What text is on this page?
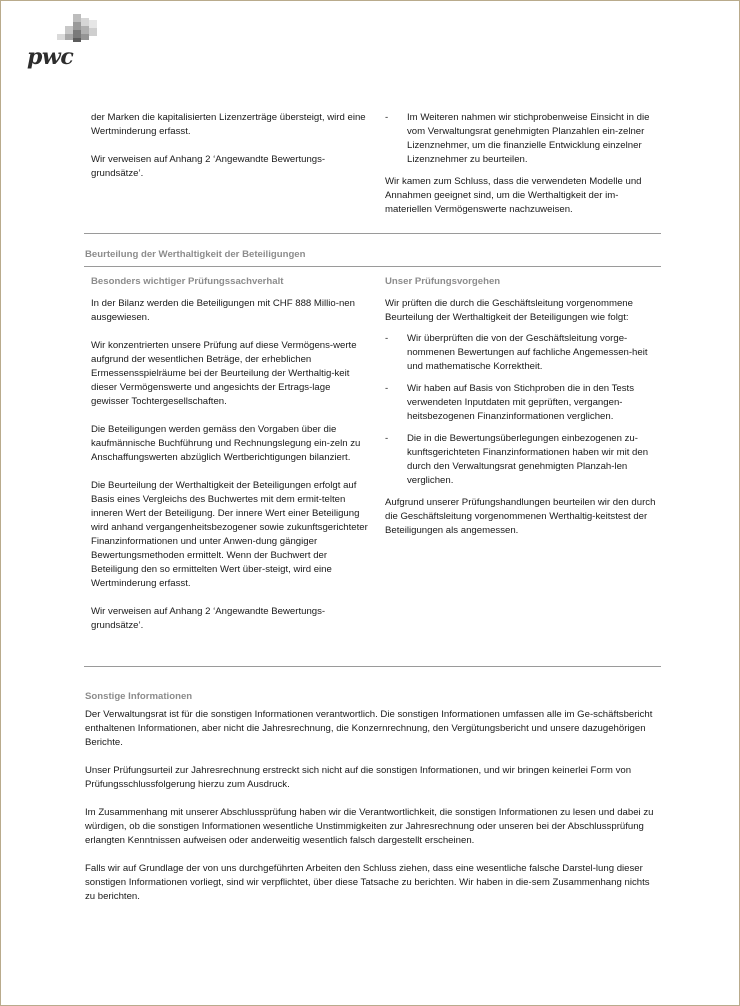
pwc

der Marken die kapitalisierten Lizenzerträge übersteigt, wird eine Wertminderung erfasst.

Wir verweisen auf Anhang 2 ‘Angewandte Bewertungs-grundsätze’.

- Im Weiteren nahmen wir stichprobenweise Einsicht in die vom Verwaltungsrat genehmigten Planzahlen ein-zelner Lizenznehmer, um die finanzielle Entwicklung einzelner Lizenznehmer zu beurteilen.

Wir kamen zum Schluss, dass die verwendeten Modelle und Annahmen geeignet sind, um die Werthaltigkeit der im-materiellen Vermögenswerte nachzuweisen.

Beurteilung der Werthaltigkeit der Beteiligungen
Besonders wichtiger Prüfungssachverhalt	Unser Prüfungsvorgehen

In der Bilanz werden die Beteiligungen mit CHF 888 Millio-nen ausgewiesen.

Wir konzentrierten unsere Prüfung auf diese Vermögens-werte aufgrund der wesentlichen Beträge, der erheblichen Ermessensspielräume bei der Beurteilung der Werthaltig-keit dieser Vermögenswerte und angesichts der Ertrags-lage gewisser Tochtergesellschaften.

Die Beteiligungen werden gemäss den Vorgaben über die kaufmännische Buchführung und Rechnungslegung ein-zeln zu Anschaffungswerten abzüglich Wertberichtigungen bilanziert.

Die Beurteilung der Werthaltigkeit der Beteiligungen erfolgt auf Basis eines Vergleichs des Buchwertes mit dem ermit-telten inneren Wert der Beteiligung. Der innere Wert einer Beteiligung wird anhand vergangenheitsbezogener sowie zukunftsgerichteter Finanzinformationen und unter Anwen-dung gängiger Bewertungsmethoden ermittelt. Wenn der Buchwert der Beteiligung den so ermittelten Wert über-steigt, wird eine Wertminderung erfasst.

Wir verweisen auf Anhang 2 ‘Angewandte Bewertungs-grundsätze’.

Wir prüften die durch die Geschäftsleitung vorgenommene Beurteilung der Werthaltigkeit der Beteiligungen wie folgt:

- Wir überprüften die von der Geschäftsleitung vorge-nommenen Bewertungen auf fachliche Angemessen-heit und mathematische Korrektheit.
- Wir haben auf Basis von Stichproben die in den Tests verwendeten Inputdaten mit geprüften, vergangen-heitsbezogenen Finanzinformationen verglichen.
- Die in die Bewertungsüberlegungen einbezogenen zu-kunftsgerichteten Finanzinformationen haben wir mit den durch den Verwaltungsrat genehmigten Planzah-len verglichen.

Aufgrund unserer Prüfungshandlungen beurteilen wir den durch die Geschäftsleitung vorgenommenen Werthaltig-keitstest der Beteiligungen als angemessen.

Sonstige Informationen

Der Verwaltungsrat ist für die sonstigen Informationen verantwortlich. Die sonstigen Informationen umfassen alle im Ge-schäftsbericht enthaltenen Informationen, aber nicht die Jahresrechnung, die Konzernrechnung, den Vergütungsbericht und unsere dazugehörigen Berichte.

Unser Prüfungsurteil zur Jahresrechnung erstreckt sich nicht auf die sonstigen Informationen, und wir bringen keinerlei Form von Prüfungsschlussfolgerung hierzu zum Ausdruck.

Im Zusammenhang mit unserer Abschlussprüfung haben wir die Verantwortlichkeit, die sonstigen Informationen zu lesen und dabei zu würdigen, ob die sonstigen Informationen wesentliche Unstimmigkeiten zur Jahresrechnung oder unseren bei der Abschlussprüfung erlangten Kenntnissen aufweisen oder anderweitig wesentlich falsch dargestellt erscheinen.

Falls wir auf Grundlage der von uns durchgeführten Arbeiten den Schluss ziehen, dass eine wesentliche falsche Darstel-lung dieser sonstigen Informationen vorliegt, sind wir verpflichtet, über diese Tatsache zu berichten. Wir haben in die-sem Zusammenhang nichts zu berichten.
